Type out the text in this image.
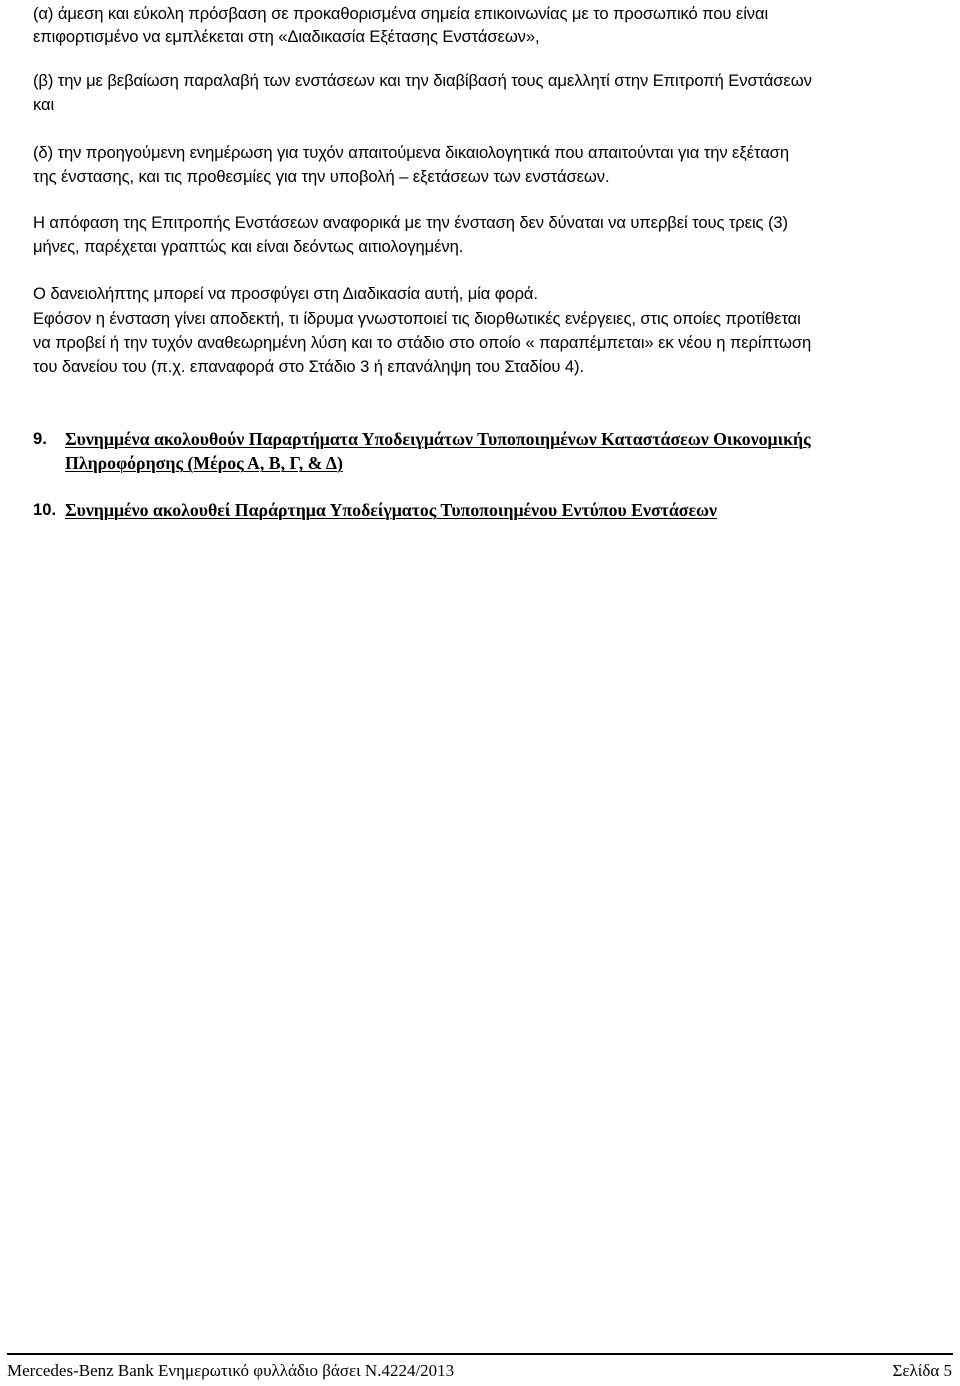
(α) άμεση και εύκολη πρόσβαση σε προκαθορισμένα σημεία επικοινωνίας με το προσωπικό που είναι

επιφορτισμένο να εμπλέκεται στη «Διαδικασία Εξέτασης Ενστάσεων»,

(β) την με βεβαίωση παραλαβή των ενστάσεων και την διαβίβασή τους αμελλητί στην Επιτροπή Ενστάσεων

και

(δ) την προηγούμενη ενημέρωση για τυχόν απαιτούμενα δικαιολογητικά που απαιτούνται για την εξέταση

της ένστασης, και τις προθεσμίες για την υποβολή – εξετάσεων των ενστάσεων.

Η απόφαση της Επιτροπής Ενστάσεων αναφορικά με την ένσταση δεν δύναται να υπερβεί τους τρεις (3)

μήνες, παρέχεται γραπτώς και είναι δεόντως αιτιολογημένη.

Ο δανειολήπτης μπορεί να προσφύγει στη Διαδικασία αυτή, μία φορά.

Εφόσον η ένσταση γίνει αποδεκτή, τι ίδρυμα γνωστοποιεί τις διορθωτικές ενέργειες, στις οποίες προτίθεται

να προβεί ή την τυχόν αναθεωρημένη λύση και το στάδιο στο οποίο « παραπέμπεται» εκ νέου η περίπτωση

του δανείου του (π.χ. επαναφορά στο Στάδιο 3 ή επανάληψη του Σταδίου 4).

9. Συνημμένα ακολουθούν Παραρτήματα Υποδειγμάτων Τυποποιημένων Καταστάσεων Οικονομικής
Πληροφόρησης (Μέρος Α, Β, Γ, & Δ)
10. Συνημμένο ακολουθεί Παράρτημα Υποδείγματος Τυποποιημένου Εντύπου Ενστάσεων
Mercedes-Benz Bank Ενημερωτικό φυλλάδιο βάσει Ν.4224/2013	Σελίδα 5
